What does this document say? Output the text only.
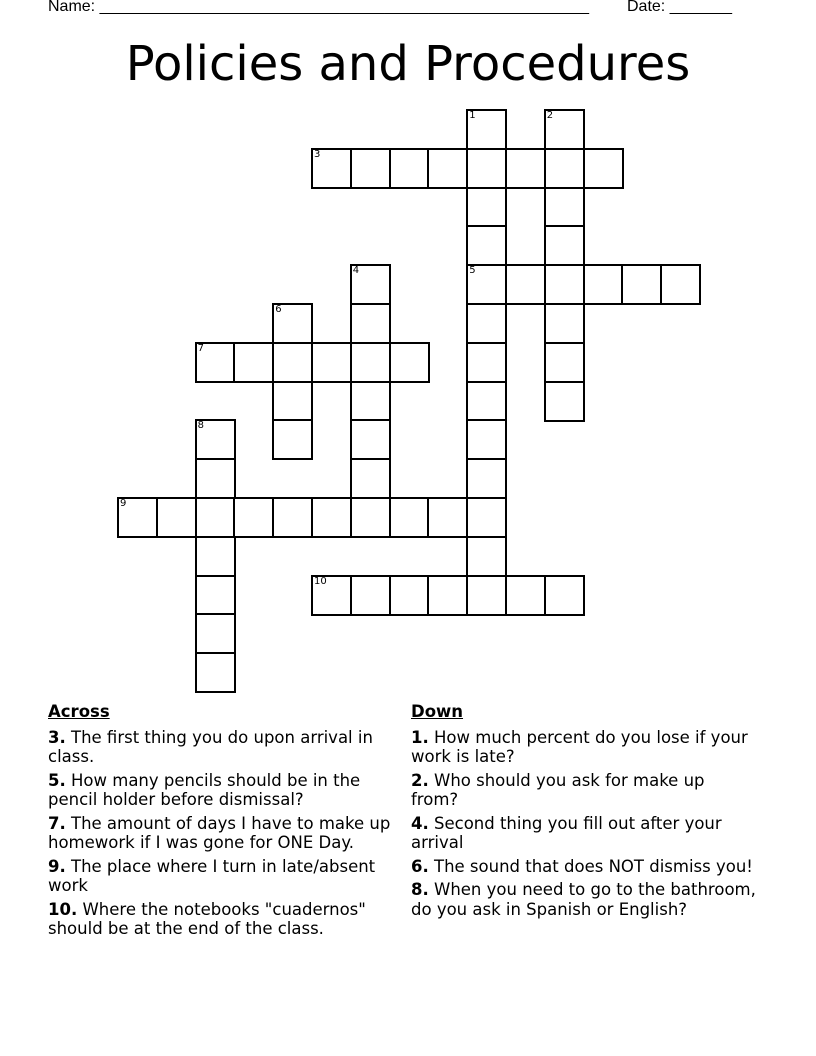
Name: _______________________________________________________ Date: _______
Policies and Procedures
1
5
2
3
4
6
7
8
9
10
Across
3. The first thing you do upon arrival in class.
5. How many pencils should be in the pencil holder before dismissal?
7. The amount of days I have to make up homework if I was gone for ONE Day.
9. The place where I turn in late/absent work
10. Where the notebooks "cuadernos" should be at the end of the class.
Down
1. How much percent do you lose if your work is late?
2. Who should you ask for make up from?
4. Second thing you fill out after your arrival
6. The sound that does NOT dismiss you!
8. When you need to go to the bathroom, do you ask in Spanish or English?
